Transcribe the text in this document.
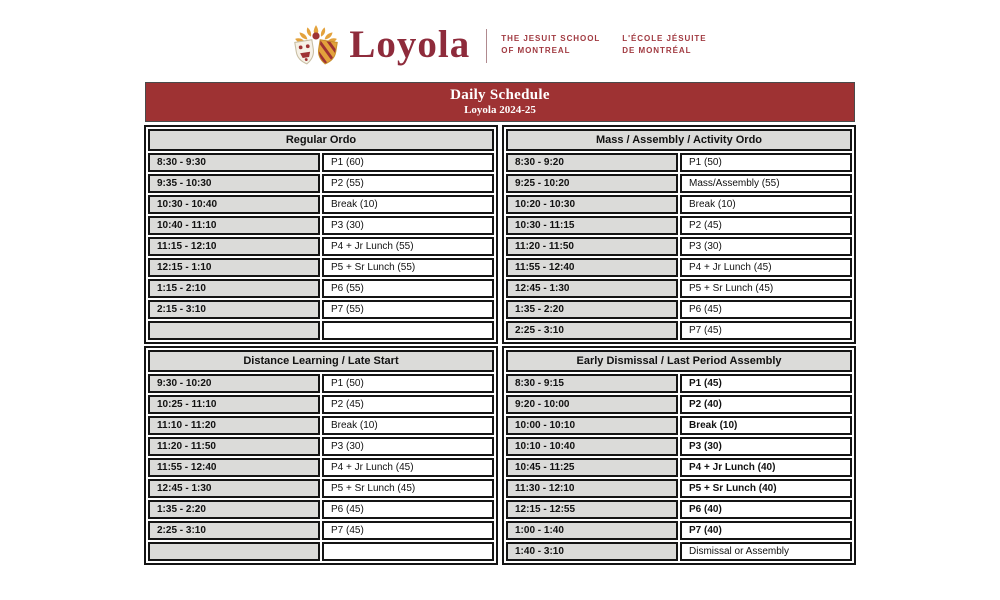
Loyola	THE JESUIT SCHOOL
OF MONTREAL
L'ÉCOLE JÉSUITE
DE MONTRÉAL
Daily Schedule
Loyola 2024-25
Regular Ordo	
8:30 - 9:30	P1 (60)
9:35 - 10:30	P2 (55)
10:30 - 10:40	Break (10)
10:40 - 11:10	P3 (30)
11:15 - 12:10	P4 + Jr Lunch (55)
12:15 - 1:10	P5 + Sr Lunch (55)
1:15 - 2:10	P6 (55)
2:15 - 3:10	P7 (55)

Mass / Assembly / Activity Ordo	
8:30 - 9:20	P1 (50)
9:25 - 10:20	Mass/Assembly (55)
10:20 - 10:30	Break (10)
10:30 - 11:15	P2 (45)
11:20 - 11:50	P3 (30)
11:55 - 12:40	P4 + Jr Lunch (45)
12:45 - 1:30	P5 + Sr Lunch (45)
1:35 - 2:20	P6 (45)
2:25 - 3:10	P7 (45)
Distance Learning / Late Start	
9:30 - 10:20	P1 (50)
10:25 - 11:10	P2 (45)
11:10 - 11:20	Break (10)
11:20 - 11:50	P3 (30)
11:55 - 12:40	P4 + Jr Lunch (45)
12:45 - 1:30	P5 + Sr Lunch (45)
1:35 - 2:20	P6 (45)
2:25 - 3:10	P7 (45)

Early Dismissal / Last Period Assembly	
8:30 - 9:15	P1 (45)
9:20 - 10:00	P2 (40)
10:00 - 10:10	Break (10)
10:10 - 10:40	P3 (30)
10:45 - 11:25	P4 + Jr Lunch (40)
11:30 - 12:10	P5 + Sr Lunch (40)
12:15 - 12:55	P6 (40)
1:00 - 1:40	P7 (40)
1:40 - 3:10	Dismissal or Assembly
